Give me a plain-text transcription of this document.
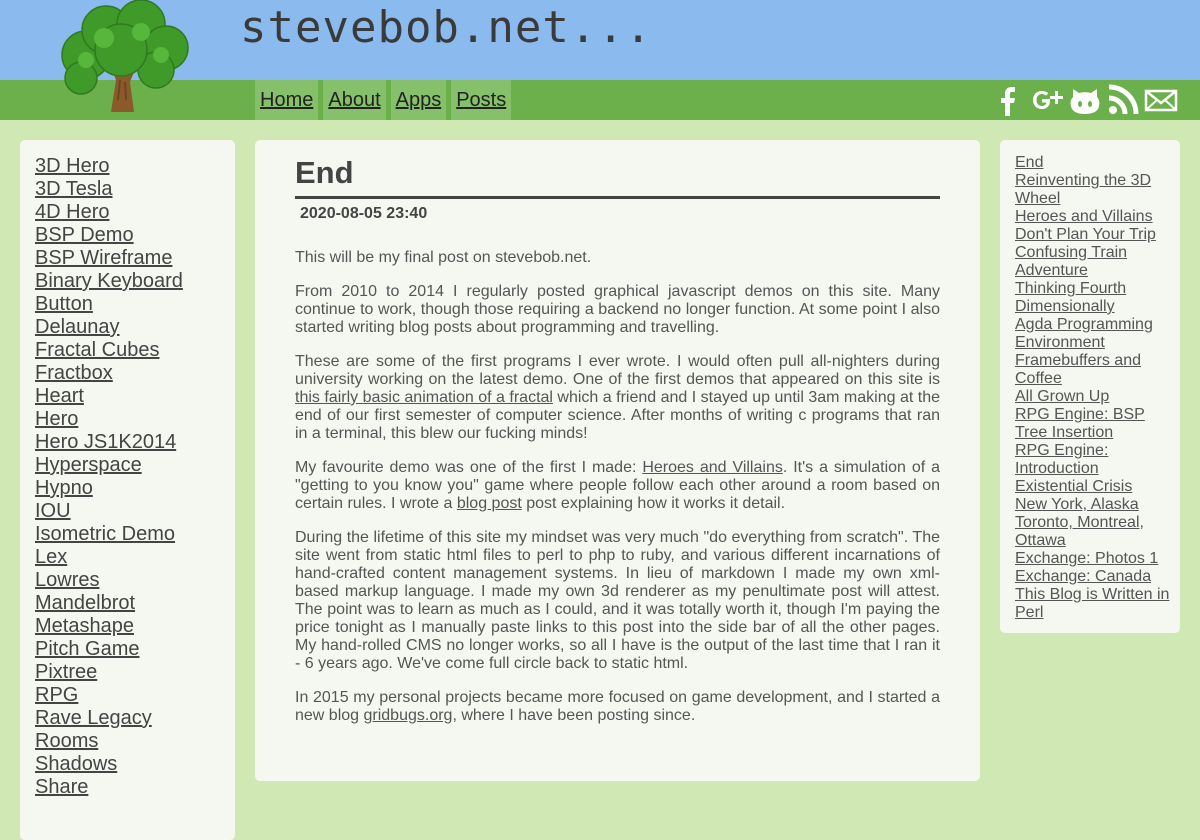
stevebob.net...
Home About Apps Posts
3D Hero
3D Tesla
4D Hero
BSP Demo
BSP Wireframe
Binary Keyboard
Button
Delaunay
Fractal Cubes
Fractbox
Heart
Hero
Hero JS1K2014
Hyperspace
Hypno
IOU
Isometric Demo
Lex
Lowres
Mandelbrot
Metashape
Pitch Game
Pixtree
RPG
Rave Legacy
Rooms
Shadows
Share
End
2020-08-05 23:40

This will be my final post on stevebob.net.

From 2010 to 2014 I regularly posted graphical javascript demos on this site. Many continue to work, though those requiring a backend no longer function. At some point I also started writing blog posts about programming and travelling.

These are some of the first programs I ever wrote. I would often pull all-nighters during university working on the latest demo. One of the first demos that appeared on this site is this fairly basic animation of a fractal which a friend and I stayed up until 3am making at the end of our first semester of computer science. After months of writing c programs that ran in a terminal, this blew our fucking minds!

My favourite demo was one of the first I made: Heroes and Villains. It's a simulation of a "getting to you know you" game where people follow each other around a room based on certain rules. I wrote a blog post post explaining how it works it detail.

During the lifetime of this site my mindset was very much "do everything from scratch". The site went from static html files to perl to php to ruby, and various different incarnations of hand-crafted content management systems. In lieu of markdown I made my own xml-based markup language. I made my own 3d renderer as my penultimate post will attest. The point was to learn as much as I could, and it was totally worth it, though I'm paying the price tonight as I manually paste links to this post into the side bar of all the other pages. My hand-rolled CMS no longer works, so all I have is the output of the last time that I ran it - 6 years ago. We've come full circle back to static html.

In 2015 my personal projects became more focused on game development, and I started a new blog gridbugs.org, where I have been posting since.

End
Reinventing the 3D Wheel
Heroes and Villains
Don't Plan Your Trip
Confusing Train Adventure
Thinking Fourth Dimensionally
Agda Programming Environment
Framebuffers and Coffee
All Grown Up
RPG Engine: BSP Tree Insertion
RPG Engine: Introduction
Existential Crisis
New York, Alaska
Toronto, Montreal, Ottawa
Exchange: Photos 1
Exchange: Canada
This Blog is Written in Perl
